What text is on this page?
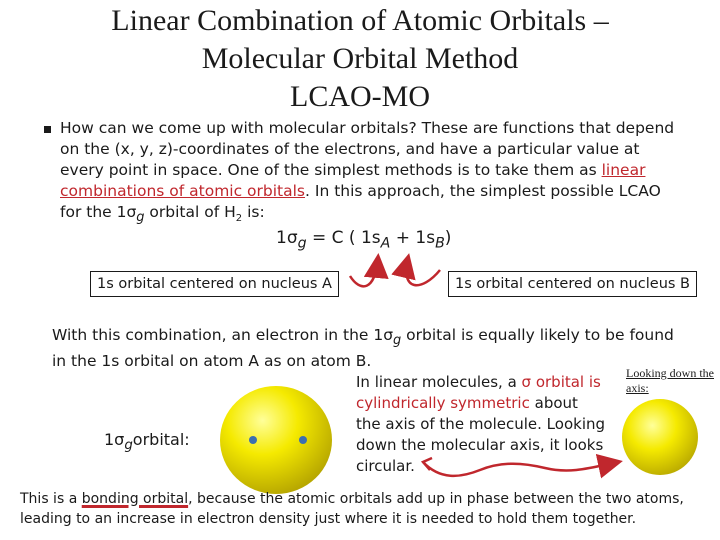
Linear Combination of Atomic Orbitals –
Molecular Orbital Method
LCAO-MO
How can we come up with molecular orbitals? These are functions that depend on the (x, y, z)-coordinates of the electrons, and have a particular value at every point in space. One of the simplest methods is to take them as linear combinations of atomic orbitals. In this approach, the simplest possible LCAO for the $1\sigma_g$ orbital of $H_2$ is:
$1\sigma_g = C$ ( $1s_A + 1s_B$)
1s orbital centered on nucleus A	1s orbital centered on nucleus B
With this combination, an electron in the $1\sigma_g$ orbital is equally likely to be found in the 1s orbital on atom A as on atom B.
In linear molecules, a σ orbital is cylindrically symmetric about the axis of the molecule. Looking down the molecular axis, it looks circular.
Looking down the axis:
$1\sigma_gorbital$:
This is a bonding orbital, because the atomic orbitals add up in phase between the two atoms, leading to an increase in electron density just where it is needed to hold them together.
